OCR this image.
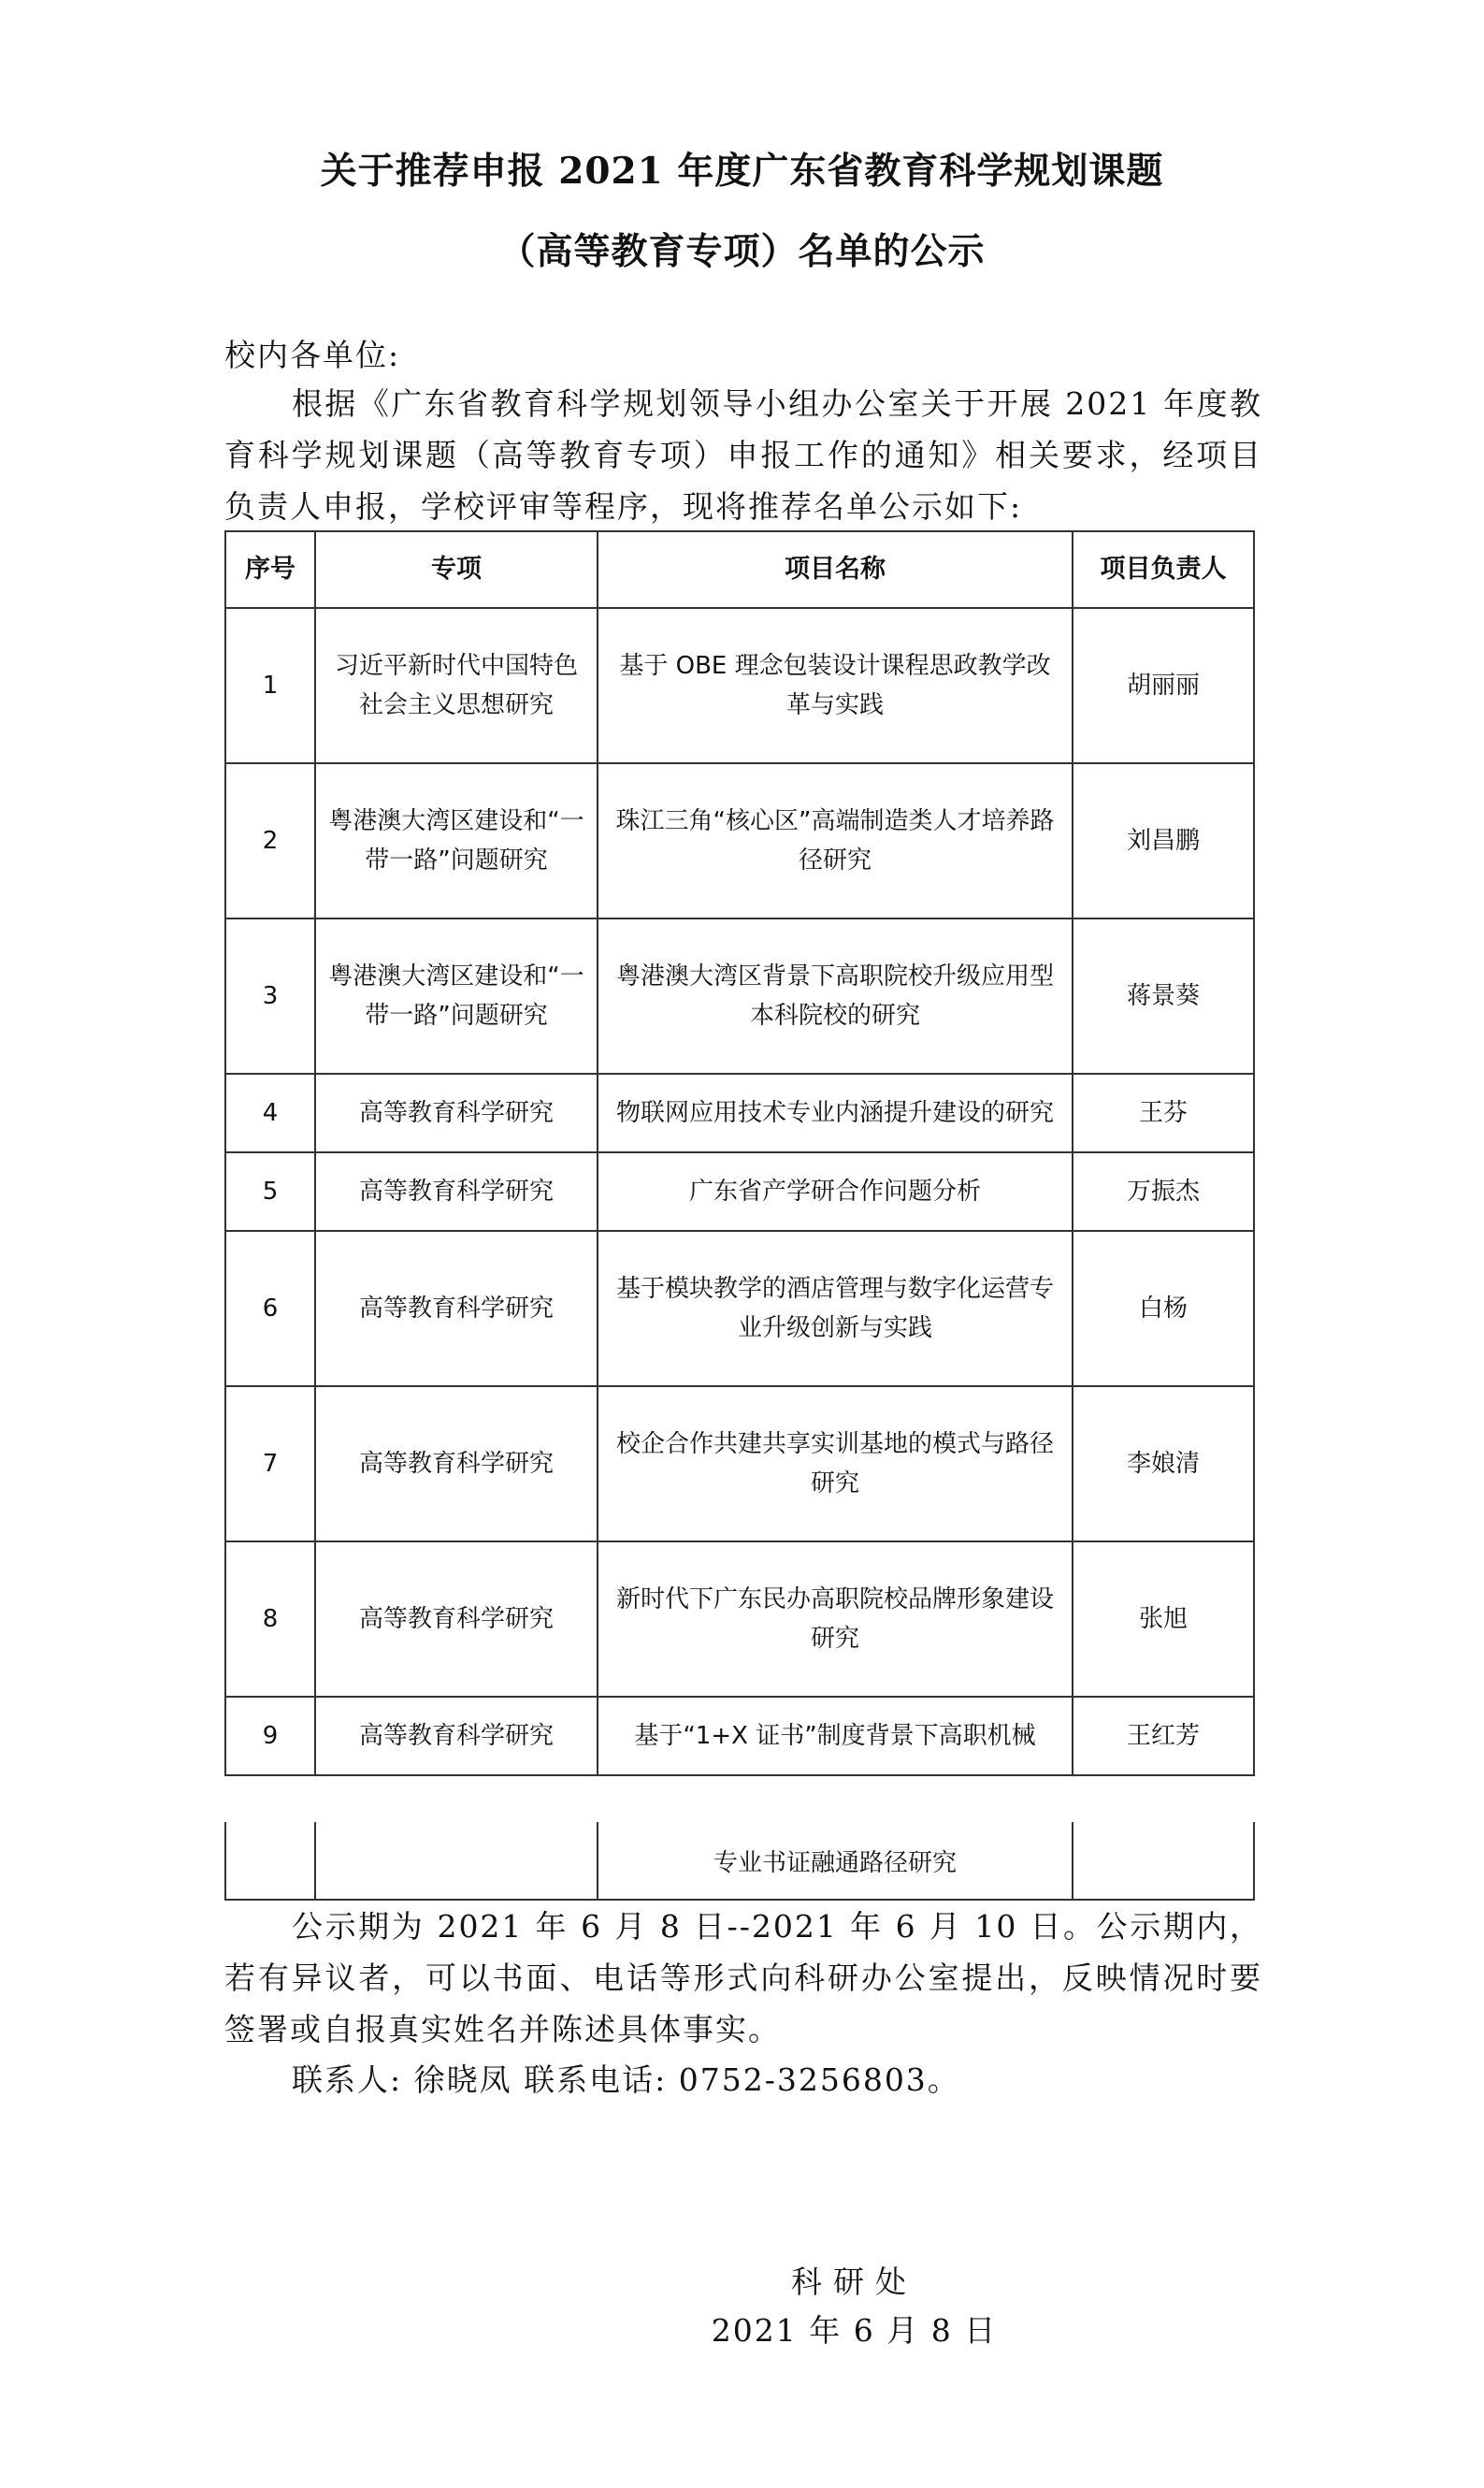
关于推荐申报 2021 年度广东省教育科学规划课题
（高等教育专项）名单的公示

校内各单位:

根据《广东省教育科学规划领导小组办公室关于开展 2021 年度教育科学规划课题（高等教育专项）申报工作的通知》相关要求，经项目负责人申报，学校评审等程序，现将推荐名单公示如下:

序号	专项	项目名称	项目负责人
1	习近平新时代中国特色社会主义思想研究	基于 OBE 理念包装设计课程思政教学改革与实践	胡丽丽
2	粤港澳大湾区建设和“一带一路”问题研究	珠江三角“核心区”高端制造类人才培养路径研究	刘昌鹏
3	粤港澳大湾区建设和“一带一路”问题研究	粤港澳大湾区背景下高职院校升级应用型本科院校的研究	蒋景葵
4	高等教育科学研究	物联网应用技术专业内涵提升建设的研究	王芬
5	高等教育科学研究	广东省产学研合作问题分析	万振杰
6	高等教育科学研究	基于模块教学的酒店管理与数字化运营专业升级创新与实践	白杨
7	高等教育科学研究	校企合作共建共享实训基地的模式与路径研究	李娘清
8	高等教育科学研究	新时代下广东民办高职院校品牌形象建设研究	张旭
9	高等教育科学研究	基于“1+X 证书”制度背景下高职机械	王红芳
		专业书证融通路径研究	

公示期为 2021 年 6 月 8 日--2021 年 6 月 10 日。公示期内，若有异议者，可以书面、电话等形式向科研办公室提出，反映情况时要签署或自报真实姓名并陈述具体事实。

联系人: 徐晓凤 联系电话: 0752-3256803。

科研处
2021 年 6 月 8 日
